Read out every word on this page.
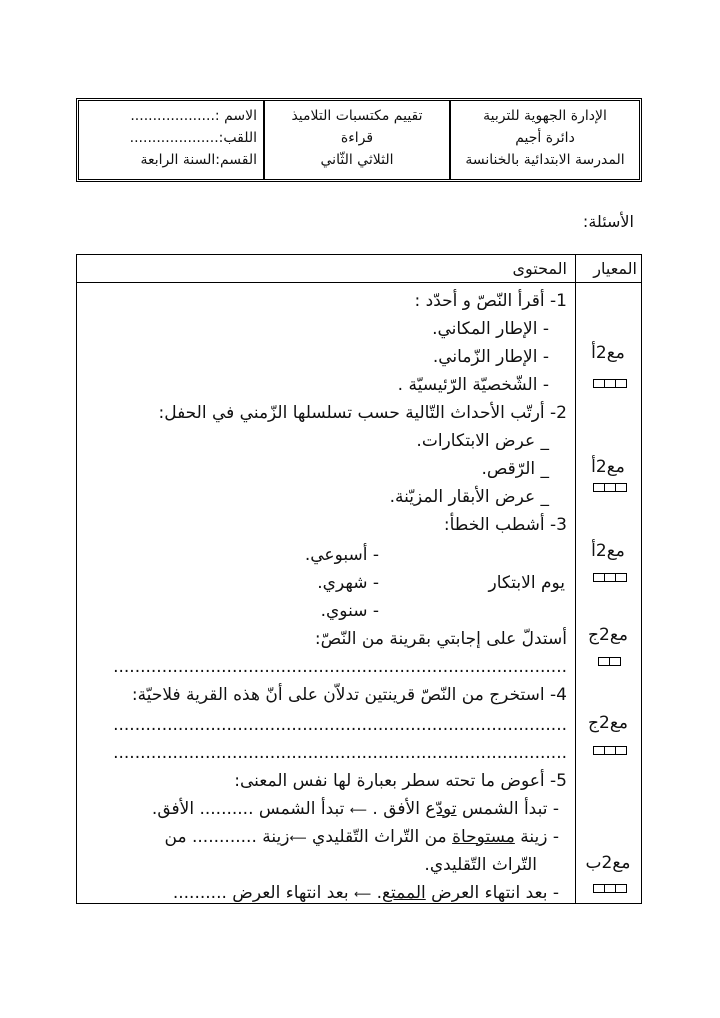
الإدارة الجهوية للتربية
دائرة أجيم
المدرسة الابتدائية بالخنانسة
تقييم مكتسبات التلاميذ
قراءة
الثلاثي الثّاني
الاسم :...................
اللقب:....................
القسم:السنة الرابعة
الأسئلة:
المعيار
المحتوى
مع2أ
مع2أ
مع2أ
مع2ج
مع2ج
مع2ب
1- أقرأ النّصّ و أحدّد :
- الإطار المكاني.
- الإطار الزّماني.
- الشّخصيّة الرّئيسيّة .
2- أرتّب الأحداث التّالية حسب تسلسلها الزّمني في الحفل:
_ عرض الابتكارات.
_ الرّقص.
_ عرض الأبقار المزيّنة.
3- أشطب الخطأ:
- أسبوعي.
يوم الابتكار
- شهري.
- سنوي.
أستدلّ على إجابتي بقرينة من النّصّ:
....................................................................................
4- استخرج من النّصّ قرينتين تدلاّن على أنّ هذه القرية فلاحيّة:
....................................................................................
....................................................................................
5- أعوض ما تحته سطر بعبارة لها نفس المعنى:
- تبدأ الشمس تودّع الأفق . ⟵ تبدأ الشمس .......... الأفق.
- زينة مستوحاة من التّراث التّقليدي ⟵زينة ............ من
التّراث التّقليدي.
- بعد انتهاء العرض الممتع. ⟵ بعد انتهاء العرض ..........
